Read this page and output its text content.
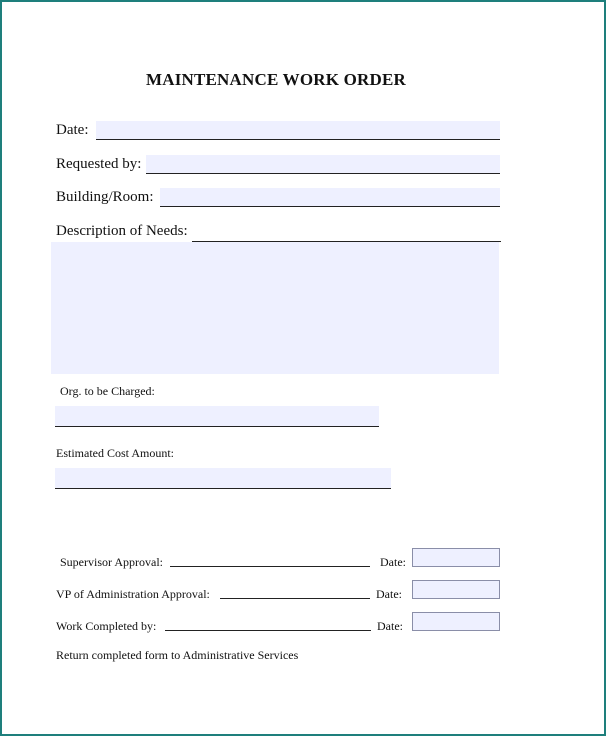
MAINTENANCE WORK ORDER
Date:
Requested by:
Building/Room:
Description of Needs:
Org. to be Charged:
Estimated Cost Amount:
Supervisor Approval:	Date:
VP of Administration Approval:	Date:
Work Completed by:	Date:
Return completed form to Administrative Services
